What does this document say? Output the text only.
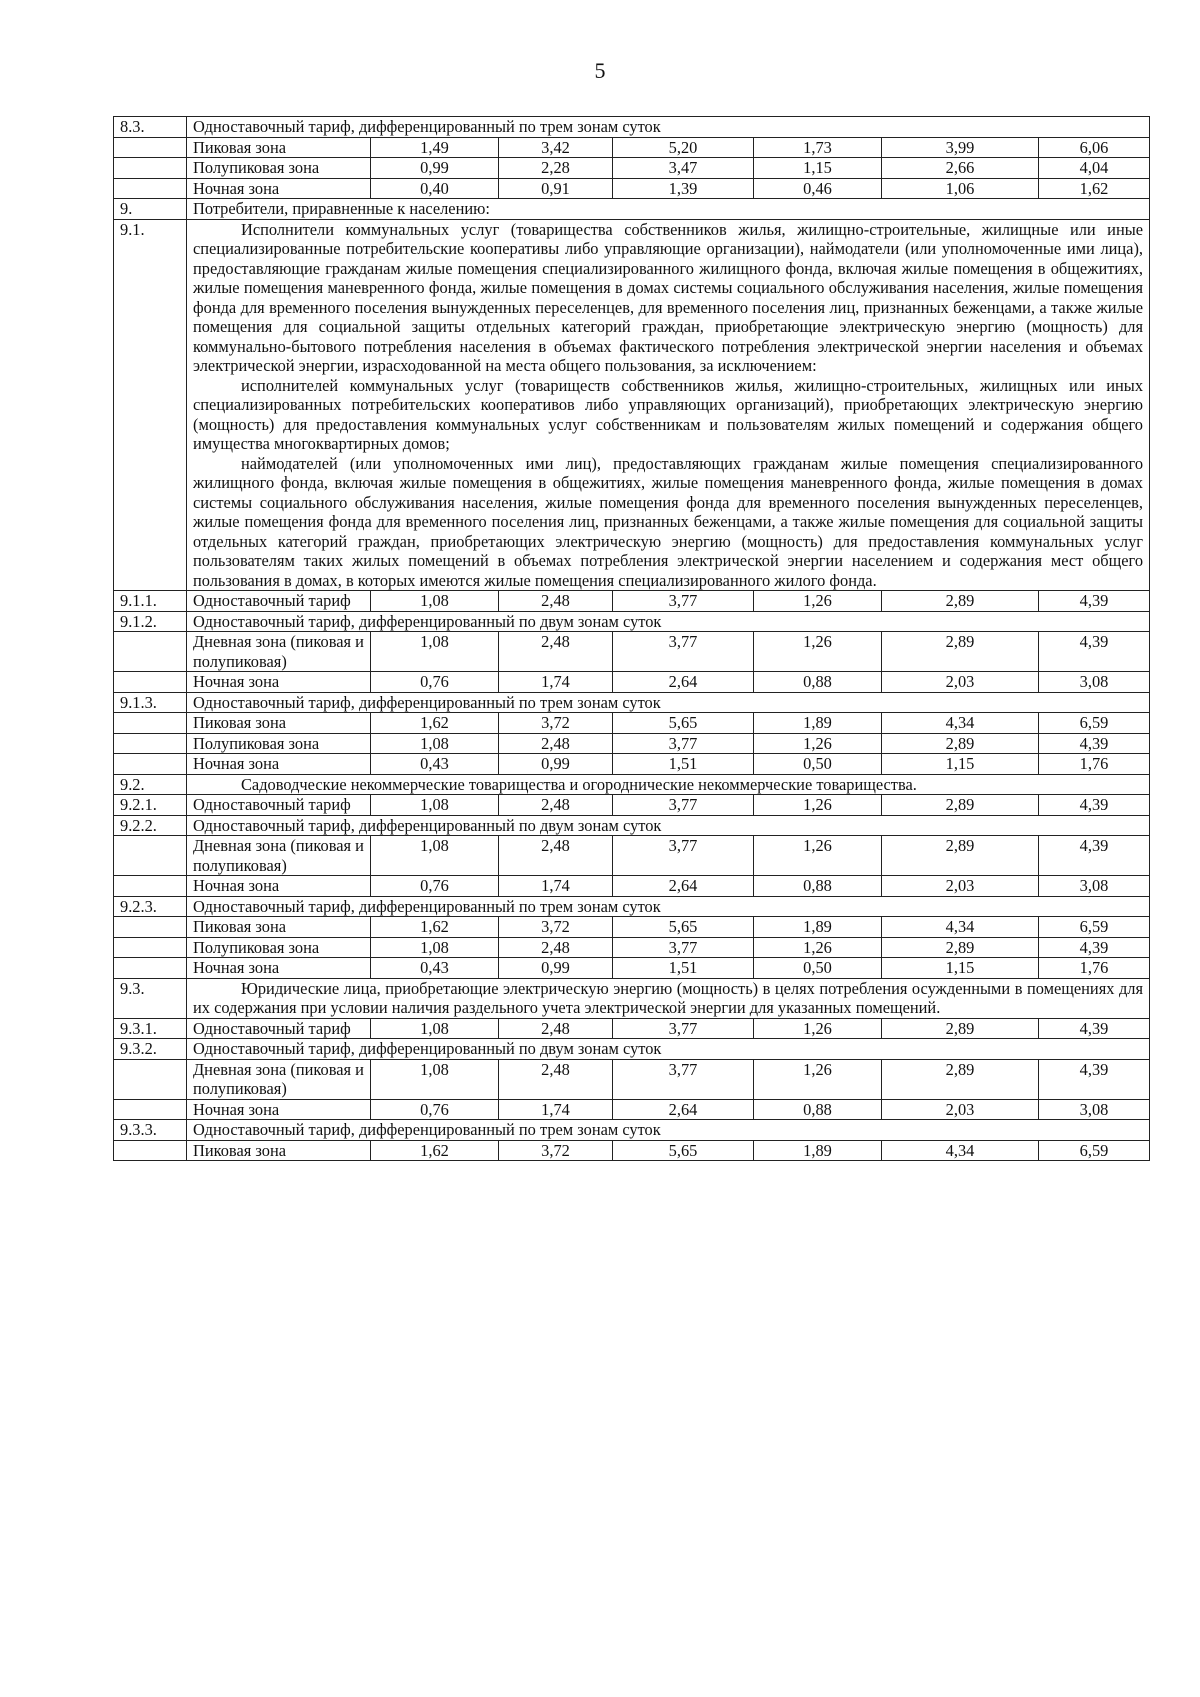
5
8.3.	Одноставочный тариф, дифференцированный по трем зонам суток						
	Пиковая зона	1,49	3,42	5,20	1,73	3,99	6,06
	Полупиковая зона	0,99	2,28	3,47	1,15	2,66	4,04
	Ночная зона	0,40	0,91	1,39	0,46	1,06	1,62
9.	Потребители, приравненные к населению:						
9.1.	Исполнители коммунальных услуг (товарищества собственников жилья, жилищно-строительные, жилищные или иные специализированные потребительские кооперативы либо управляющие организации), наймодатели (или уполномоченные ими лица), предоставляющие гражданам жилые помещения специализированного жилищного фонда, включая жилые помещения в общежитиях, жилые помещения маневренного фонда, жилые помещения в домах системы социального обслуживания населения, жилые помещения фонда для временного поселения вынужденных переселенцев, для временного поселения лиц, признанных беженцами, а также жилые помещения для социальной защиты отдельных категорий граждан, приобретающие электрическую энергию (мощность) для коммунально-бытового потребления населения в объемах фактического потребления электрической энергии населения и объемах электрической энергии, израсходованной на места общего пользования, за исключением:

исполнителей коммунальных услуг (товариществ собственников жилья, жилищно-строительных, жилищных или иных специализированных потребительских кооперативов либо управляющих организаций), приобретающих электрическую энергию (мощность) для предоставления коммунальных услуг собственникам и пользователям жилых помещений и содержания общего имущества многоквартирных домов;

наймодателей (или уполномоченных ими лиц), предоставляющих гражданам жилые помещения специализированного жилищного фонда, включая жилые помещения в общежитиях, жилые помещения маневренного фонда, жилые помещения в домах системы социального обслуживания населения, жилые помещения фонда для временного поселения вынужденных переселенцев, жилые помещения фонда для временного поселения лиц, признанных беженцами, а также жилые помещения для социальной защиты отдельных категорий граждан, приобретающих электрическую энергию (мощность) для предоставления коммунальных услуг пользователям таких жилых помещений в объемах потребления электрической энергии населением и содержания мест общего пользования в домах, в которых имеются жилые помещения специализированного жилого фонда.						

9.1.1.	Одноставочный тариф	1,08	2,48	3,77	1,26	2,89	4,39
9.1.2.	Одноставочный тариф, дифференцированный по двум зонам суток						
	Дневная зона (пиковая и полупиковая)	1,08	2,48	3,77	1,26	2,89	4,39
	Ночная зона	0,76	1,74	2,64	0,88	2,03	3,08
9.1.3.	Одноставочный тариф, дифференцированный по трем зонам суток						
	Пиковая зона	1,62	3,72	5,65	1,89	4,34	6,59
	Полупиковая зона	1,08	2,48	3,77	1,26	2,89	4,39
	Ночная зона	0,43	0,99	1,51	0,50	1,15	1,76
9.2.	Садоводческие некоммерческие товарищества и огороднические некоммерческие товарищества.						

9.2.1.	Одноставочный тариф	1,08	2,48	3,77	1,26	2,89	4,39
9.2.2.	Одноставочный тариф, дифференцированный по двум зонам суток						
	Дневная зона (пиковая и полупиковая)	1,08	2,48	3,77	1,26	2,89	4,39
	Ночная зона	0,76	1,74	2,64	0,88	2,03	3,08
9.2.3.	Одноставочный тариф, дифференцированный по трем зонам суток						
	Пиковая зона	1,62	3,72	5,65	1,89	4,34	6,59
	Полупиковая зона	1,08	2,48	3,77	1,26	2,89	4,39
	Ночная зона	0,43	0,99	1,51	0,50	1,15	1,76
9.3.	Юридические лица, приобретающие электрическую энергию (мощность) в целях потребления осужденными в помещениях для их содержания при условии наличия раздельного учета электрической энергии для указанных помещений.						

9.3.1.	Одноставочный тариф	1,08	2,48	3,77	1,26	2,89	4,39
9.3.2.	Одноставочный тариф, дифференцированный по двум зонам суток						
	Дневная зона (пиковая и полупиковая)	1,08	2,48	3,77	1,26	2,89	4,39
	Ночная зона	0,76	1,74	2,64	0,88	2,03	3,08
9.3.3.	Одноставочный тариф, дифференцированный по трем зонам суток						
	Пиковая зона	1,62	3,72	5,65	1,89	4,34	6,59
